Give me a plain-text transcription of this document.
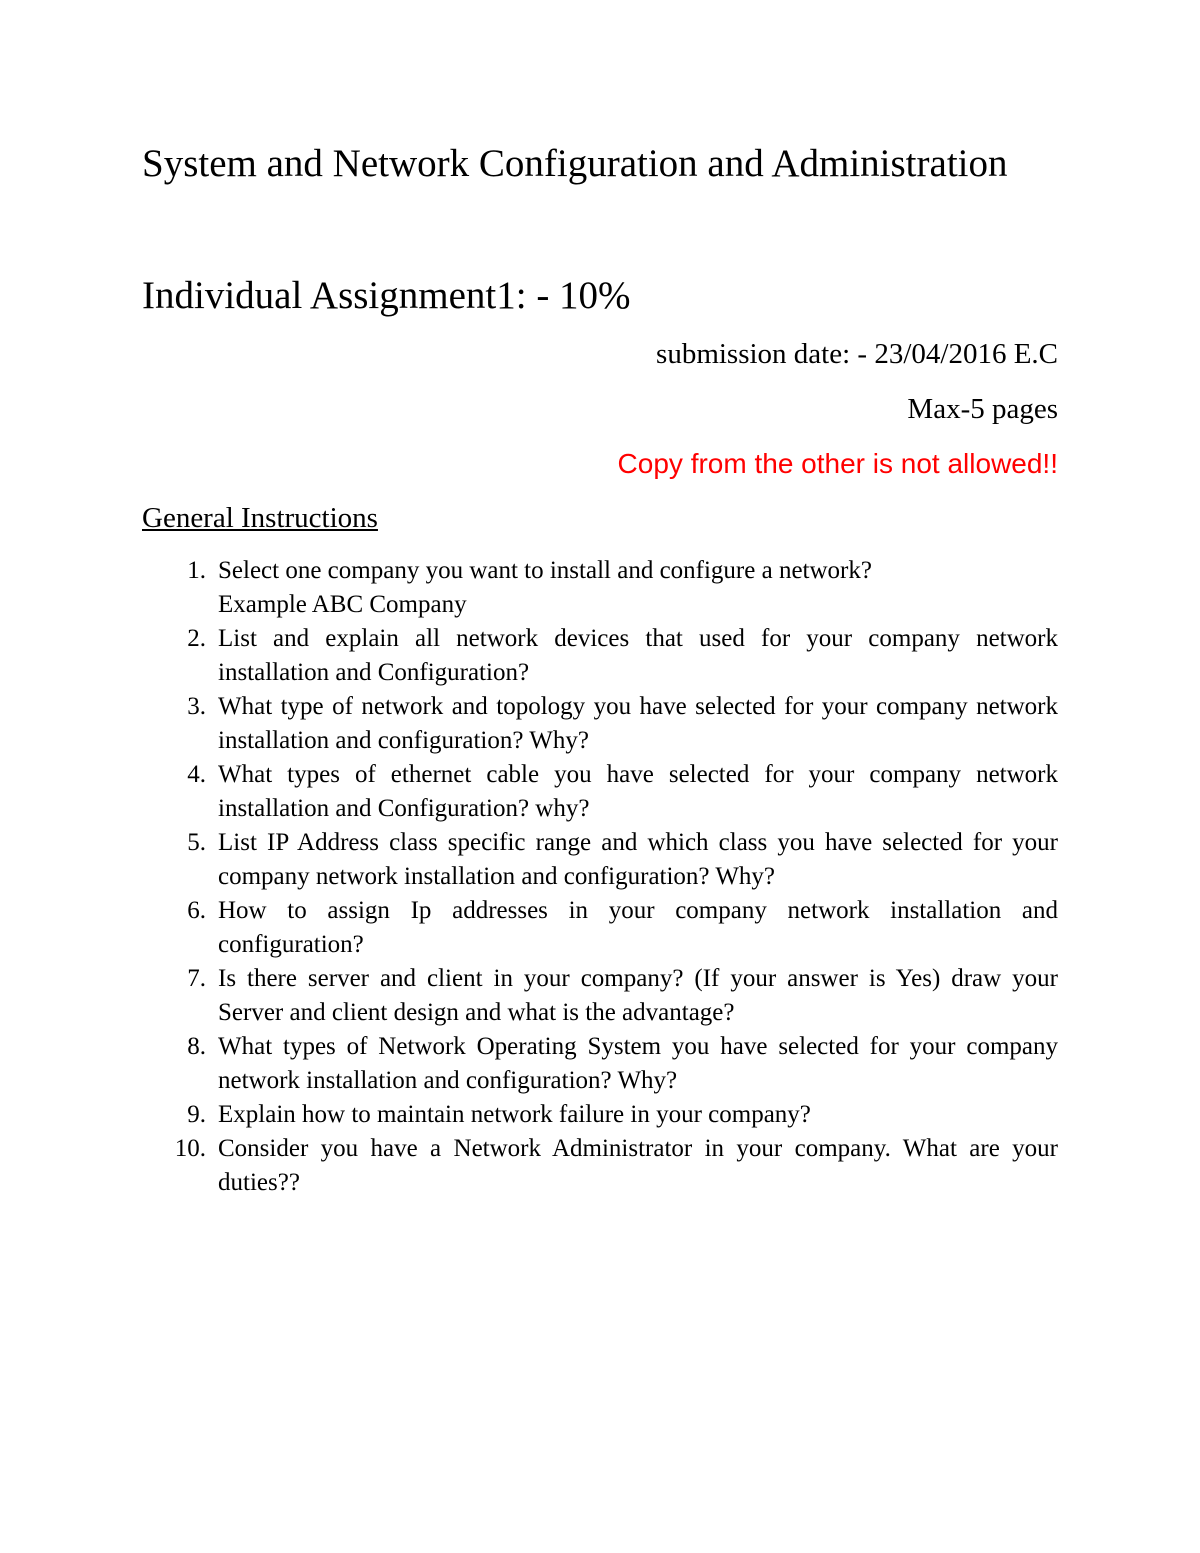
System and Network Configuration and Administration
Individual Assignment1: - 10%
submission date: - 23/04/2016 E.C
Max-5 pages
Copy from the other is not allowed!!
General Instructions
1. Select one company you want to install and configure a network?
Example ABC Company
2. List and explain all network devices that used for your company network installation and Configuration?
3. What type of network and topology you have selected for your company network installation and configuration? Why?
4. What types of ethernet cable you have selected for your company network installation and Configuration? why?
5. List IP Address class specific range and which class you have selected for your company network installation and configuration? Why?
6. How to assign Ip addresses in your company network installation and configuration?
7. Is there server and client in your company? (If your answer is Yes) draw your Server and client design and what is the advantage?
8. What types of Network Operating System you have selected for your company network installation and configuration? Why?
9. Explain how to maintain network failure in your company?
10. Consider you have a Network Administrator in your company. What are your duties??
